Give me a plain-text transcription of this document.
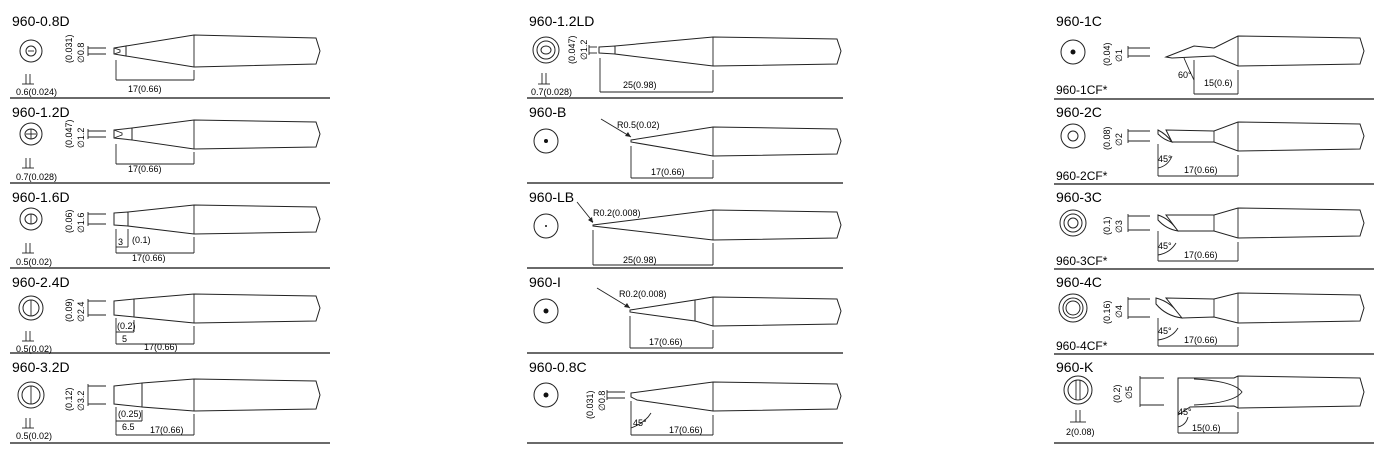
960-0.8D
0.6(0.024)
(0.031) ∅0.8
17(0.66)
960-1.2D
0.7(0.028)
(0.047) ∅1.2
17(0.66)
960-1.6D
0.5(0.02)
(0.06) ∅1.6
3 (0.1)
17(0.66)
960-2.4D
0.5(0.02)
(0.09) ∅2.4
(0.2)
5
17(0.66)
960-3.2D
0.5(0.02)
(0.12) ∅3.2
(0.25)
6.5 17(0.66)
960-1.2LD
0.7(0.028)
(0.047) ∅1.2
25(0.98)
960-B
R0.5(0.02)
17(0.66)
960-LB
R0.2(0.008)
25(0.98)
960-I
R0.2(0.008)
17(0.66)
960-0.8C
(0.031) ∅0.8
45°
17(0.66)
960-1C
(0.04) ∅1
60°
15(0.6)
960-1CF*
960-2C
(0.08) ∅2
45°
17(0.66)
960-2CF*
960-3C
(0.1) ∅3
45°
17(0.66)
960-3CF*
960-4C
(0.16) ∅4
45°
17(0.66)
960-4CF*
960-K
2(0.08)
(0.2) ∅5
45°
15(0.6)
